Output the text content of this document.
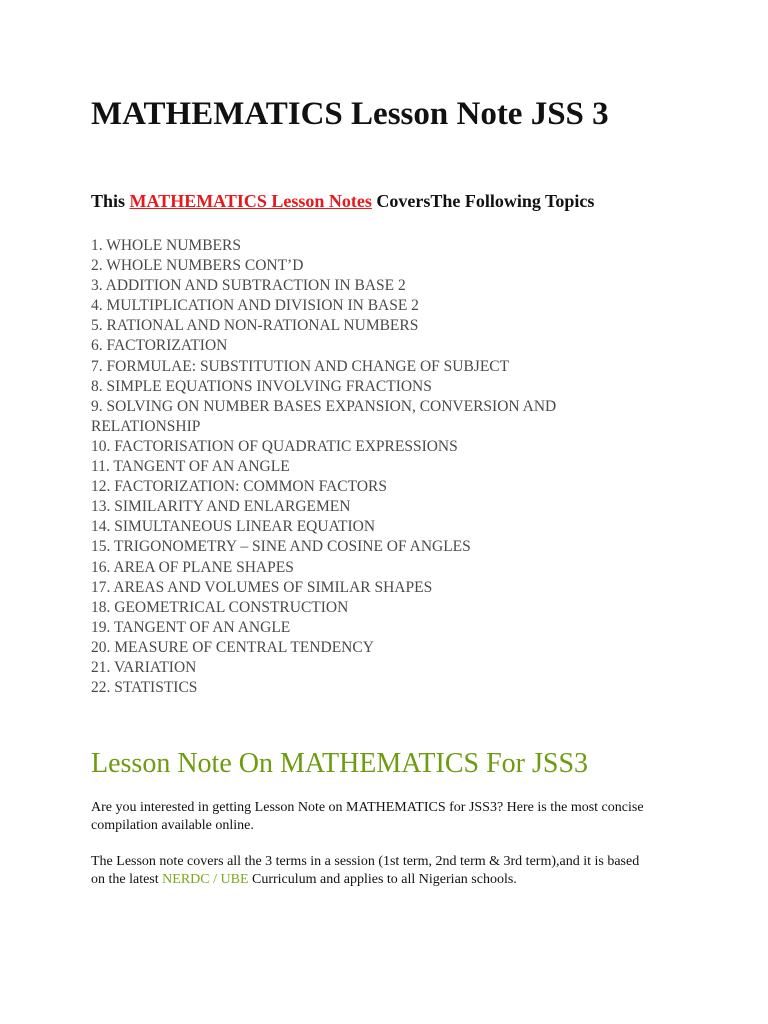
MATHEMATICS Lesson Note JSS 3

This MATHEMATICS Lesson Notes CoversThe Following Topics

1. WHOLE NUMBERS
2. WHOLE NUMBERS CONT’D
3. ADDITION AND SUBTRACTION IN BASE 2
4. MULTIPLICATION AND DIVISION IN BASE 2
5. RATIONAL AND NON-RATIONAL NUMBERS
6. FACTORIZATION
7. FORMULAE: SUBSTITUTION AND CHANGE OF SUBJECT
8. SIMPLE EQUATIONS INVOLVING FRACTIONS
9. SOLVING ON NUMBER BASES EXPANSION, CONVERSION AND RELATIONSHIP
10. FACTORISATION OF QUADRATIC EXPRESSIONS
11. TANGENT OF AN ANGLE
12. FACTORIZATION: COMMON FACTORS
13. SIMILARITY AND ENLARGEMEN
14. SIMULTANEOUS LINEAR EQUATION
15. TRIGONOMETRY – SINE AND COSINE OF ANGLES
16. AREA OF PLANE SHAPES
17. AREAS AND VOLUMES OF SIMILAR SHAPES
18. GEOMETRICAL CONSTRUCTION
19. TANGENT OF AN ANGLE
20. MEASURE OF CENTRAL TENDENCY
21. VARIATION
22. STATISTICS
Lesson Note On MATHEMATICS For JSS3

Are you interested in getting Lesson Note on MATHEMATICS for JSS3? Here is the most concise compilation available online.

The Lesson note covers all the 3 terms in a session (1st term, 2nd term & 3rd term),and it is based on the latest NERDC / UBE Curriculum and applies to all Nigerian schools.
